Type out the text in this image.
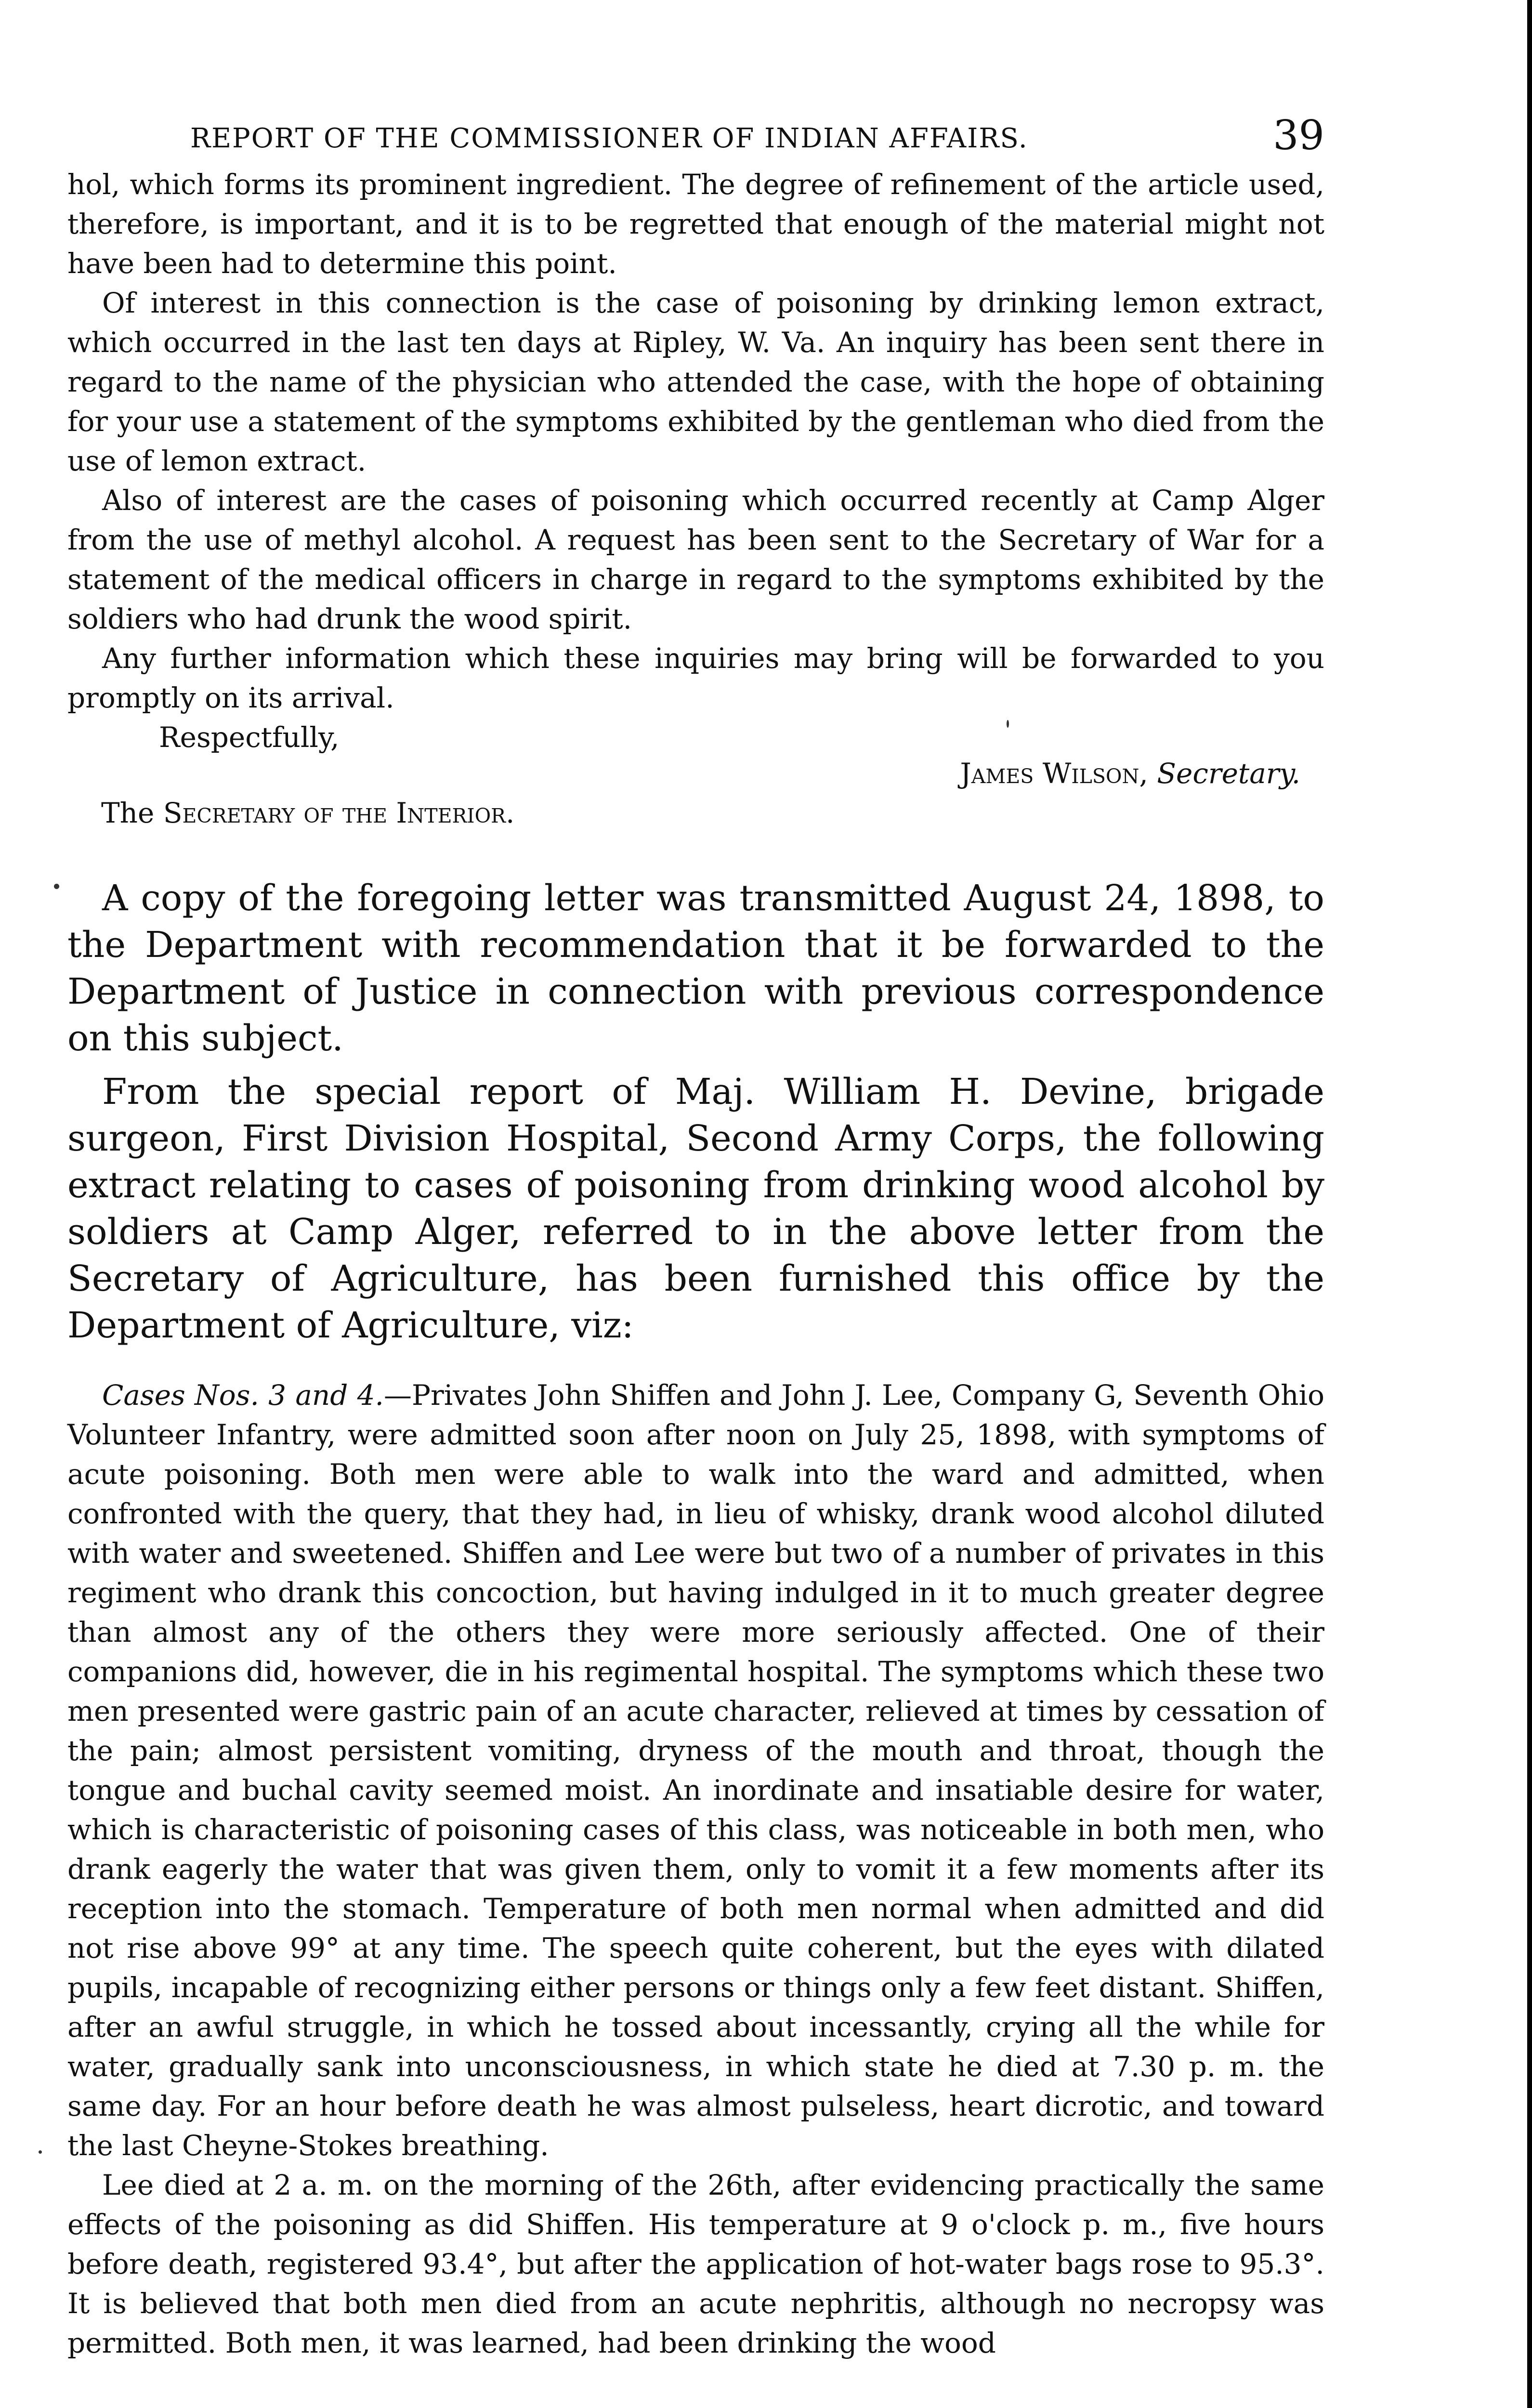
REPORT OF THE COMMISSIONER OF INDIAN AFFAIRS.	39

hol, which forms its prominent ingredient. The degree of refinement of the article used, therefore, is important, and it is to be regretted that enough of the material might not have been had to determine this point.

Of interest in this connection is the case of poisoning by drinking lemon extract, which occurred in the last ten days at Ripley, W. Va. An inquiry has been sent there in regard to the name of the physician who attended the case, with the hope of obtaining for your use a statement of the symptoms exhibited by the gentleman who died from the use of lemon extract.

Also of interest are the cases of poisoning which occurred recently at Camp Alger from the use of methyl alcohol. A request has been sent to the Secretary of War for a statement of the medical officers in charge in regard to the symptoms exhibited by the soldiers who had drunk the wood spirit.

Any further information which these inquiries may bring will be forwarded to you promptly on its arrival.

Respectfully,

James Wilson, Secretary.
The Secretary of the Interior.

A copy of the foregoing letter was transmitted August 24, 1898, to the Department with recommendation that it be forwarded to the Department of Justice in connection with previous correspondence on this subject.

From the special report of Maj. William H. Devine, brigade surgeon, First Division Hospital, Second Army Corps, the following extract relating to cases of poisoning from drinking wood alcohol by soldiers at Camp Alger, referred to in the above letter from the Secretary of Agriculture, has been furnished this office by the Department of Agriculture, viz:

Cases Nos. 3 and 4.—Privates John Shiffen and John J. Lee, Company G, Seventh Ohio Volunteer Infantry, were admitted soon after noon on July 25, 1898, with symptoms of acute poisoning. Both men were able to walk into the ward and admitted, when confronted with the query, that they had, in lieu of whisky, drank wood alcohol diluted with water and sweetened. Shiffen and Lee were but two of a number of privates in this regiment who drank this concoction, but having indulged in it to much greater degree than almost any of the others they were more seriously affected. One of their companions did, however, die in his regimental hospital. The symptoms which these two men presented were gastric pain of an acute character, relieved at times by cessation of the pain; almost persistent vomiting, dryness of the mouth and throat, though the tongue and buchal cavity seemed moist. An inordinate and insatiable desire for water, which is characteristic of poisoning cases of this class, was noticeable in both men, who drank eagerly the water that was given them, only to vomit it a few moments after its reception into the stomach. Temperature of both men normal when admitted and did not rise above 99° at any time. The speech quite coherent, but the eyes with dilated pupils, incapable of recognizing either persons or things only a few feet distant. Shiffen, after an awful struggle, in which he tossed about incessantly, crying all the while for water, gradually sank into unconsciousness, in which state he died at 7.30 p. m. the same day. For an hour before death he was almost pulseless, heart dicrotic, and toward the last Cheyne-Stokes breathing.

Lee died at 2 a. m. on the morning of the 26th, after evidencing practically the same effects of the poisoning as did Shiffen. His temperature at 9 o'clock p. m., five hours before death, registered 93.4°, but after the application of hot-water bags rose to 95.3°. It is believed that both men died from an acute nephritis, although no necropsy was permitted. Both men, it was learned, had been drinking the wood
